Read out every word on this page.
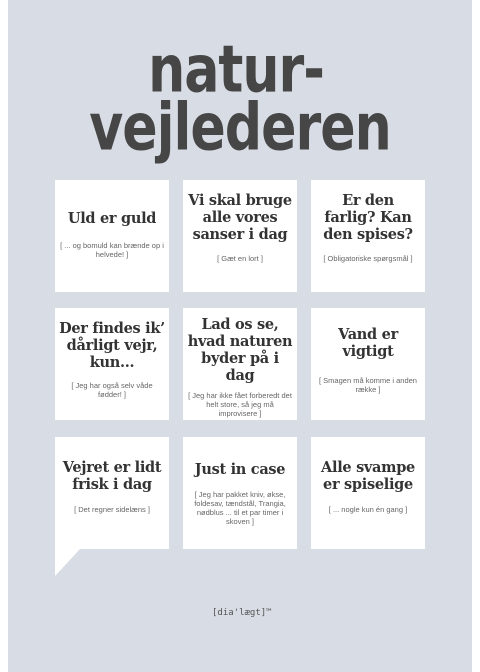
natur-
vejlederen
Uld er guld
[ ... og bomuld kan brænde op i helvede! ]
Vi skal bruge alle vores sanser i dag
[ Gæt en lort ]
Er den farlig? Kan den spises?
[ Obligatoriske spørgsmål ]
Der findes ik’ dårligt vejr, kun...
[ Jeg har også selv våde fødder! ]
Lad os se, hvad naturen byder på i dag
[ Jeg har ikke fået forberedt det helt store, så jeg må improvisere ]
Vand er vigtigt
[ Smagen må komme i anden række ]
Vejret er lidt frisk i dag
[ Det regner sidelæns ]
Just in case
[ Jeg har pakket kniv, økse, foldesav, tændstål, Trangia, nødblus ... til et par timer i skoven ]
Alle svampe er spiselige
[ ... nogle kun én gang ]
[dia'lægt]™
